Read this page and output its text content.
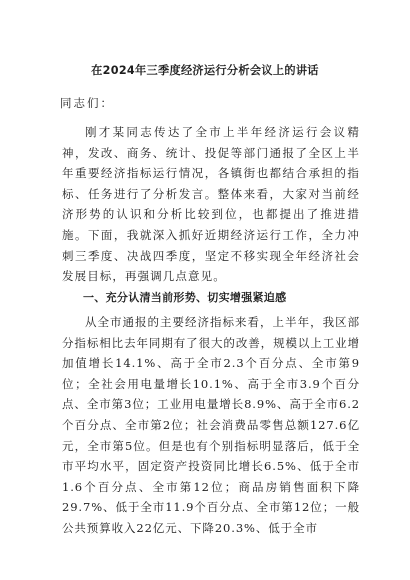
在2024年三季度经济运行分析会议上的讲话
同志们：

刚才某同志传达了全市上半年经济运行会议精神，发改、商务、统计、投促等部门通报了全区上半年重要经济指标运行情况，各镇街也都结合承担的指标、任务进行了分析发言。整体来看，大家对当前经济形势的认识和分析比较到位，也都提出了推进措施。下面，我就深入抓好近期经济运行工作，全力冲刺三季度、决战四季度，坚定不移实现全年经济社会发展目标，再强调几点意见。

一、充分认清当前形势、切实增强紧迫感

从全市通报的主要经济指标来看，上半年，我区部分指标相比去年同期有了很大的改善，规模以上工业增加值增长14.1%、高于全市2.3个百分点、全市第9位；全社会用电量增长10.1%、高于全市3.9个百分点、全市第3位；工业用电量增长8.9%、高于全市6.2个百分点、全市第2位；社会消费品零售总额127.6亿元，全市第5位。但是也有个别指标明显落后，低于全市平均水平，固定资产投资同比增长6.5%、低于全市1.6个百分点、全市第12位；商品房销售面积下降29.7%、低于全市11.9个百分点、全市第12位；一般公共预算收入22亿元、下降20.3%、低于全市
